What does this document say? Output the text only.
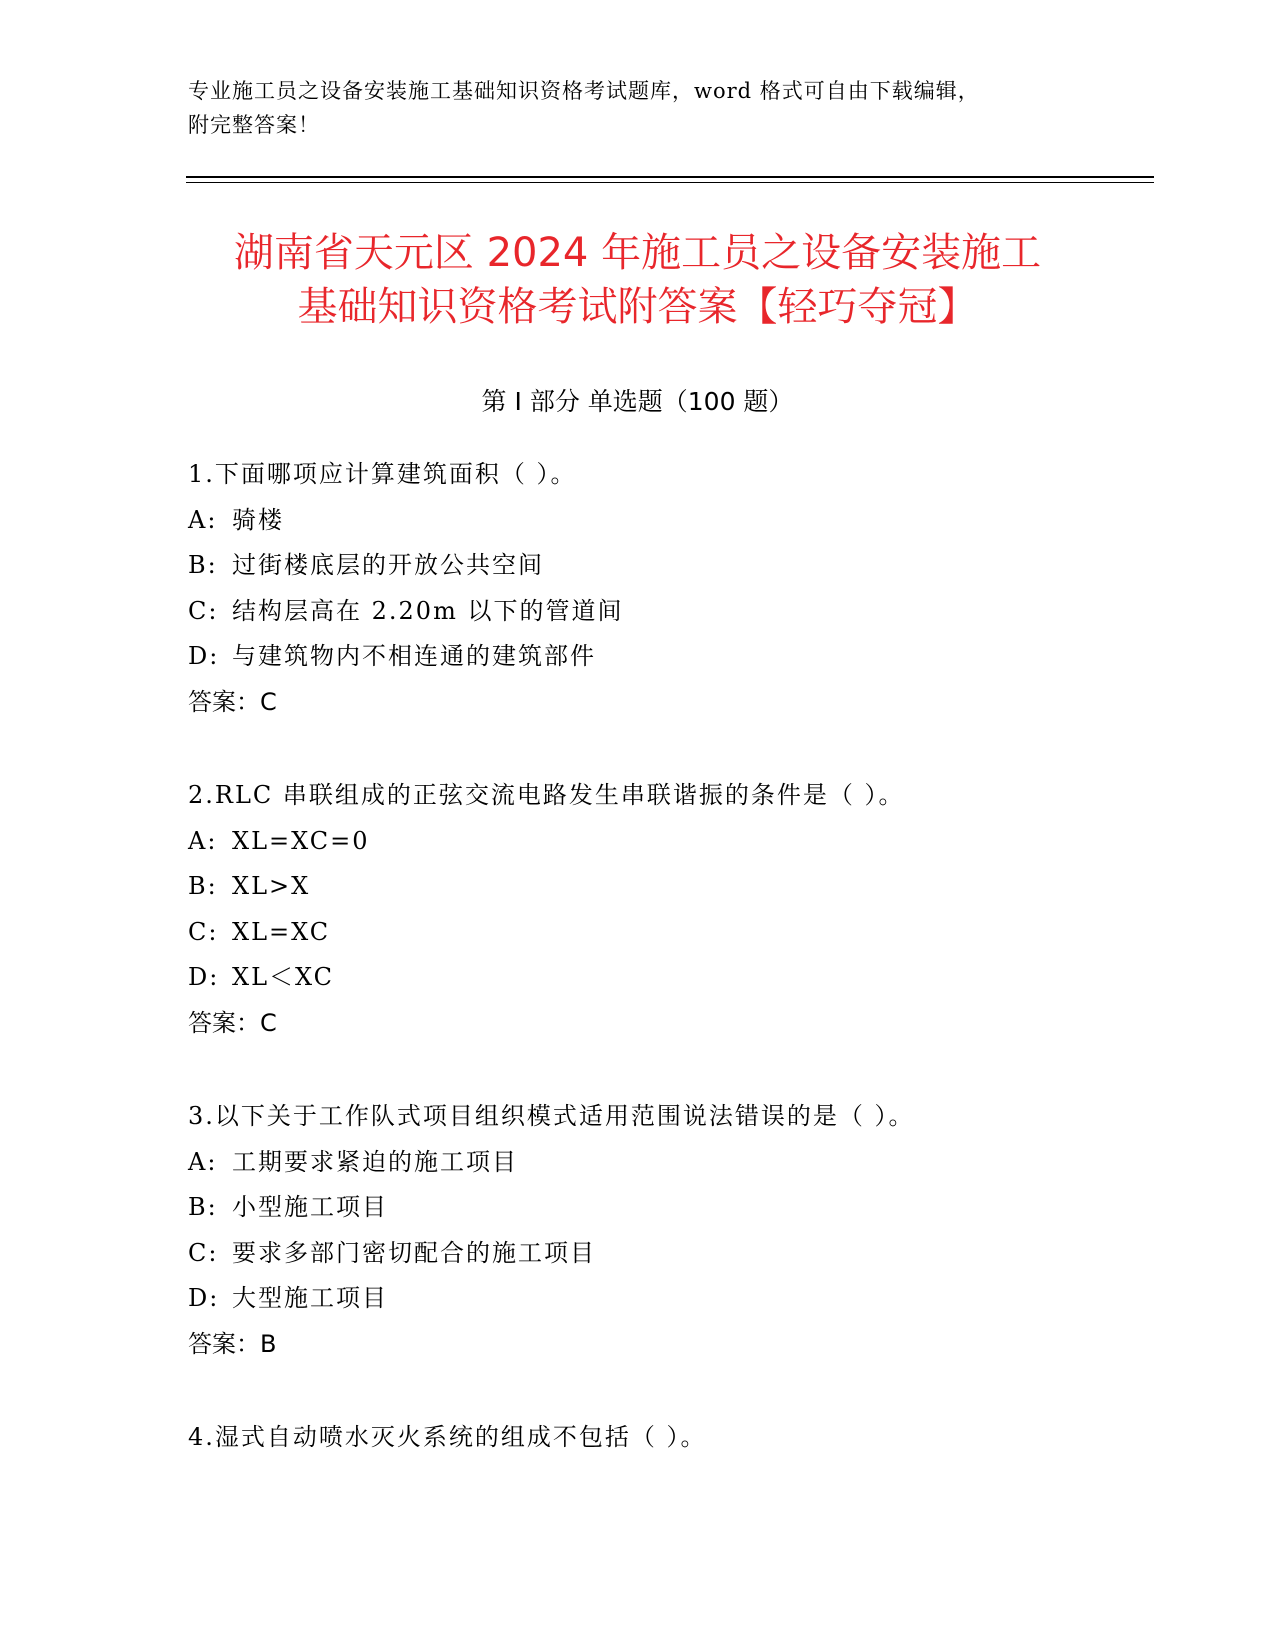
专业施工员之设备安装施工基础知识资格考试题库，word 格式可自由下载编辑，
附完整答案！
湖南省天元区 2024 年施工员之设备安装施工
基础知识资格考试附答案【轻巧夺冠】
第 I 部分 单选题（100 题）
1.下面哪项应计算建筑面积（ ）。
A: 骑楼
B: 过街楼底层的开放公共空间
C: 结构层高在 2.20m 以下的管道间
D: 与建筑物内不相连通的建筑部件
答案：C
2.RLC 串联组成的正弦交流电路发生串联谐振的条件是（ ）。
A: XL=XC=0
B: XL>X
C: XL=XC
D: XL＜XC
答案：C
3.以下关于工作队式项目组织模式适用范围说法错误的是（ ）。
A: 工期要求紧迫的施工项目
B: 小型施工项目
C: 要求多部门密切配合的施工项目
D: 大型施工项目
答案：B
4.湿式自动喷水灭火系统的组成不包括（ ）。
